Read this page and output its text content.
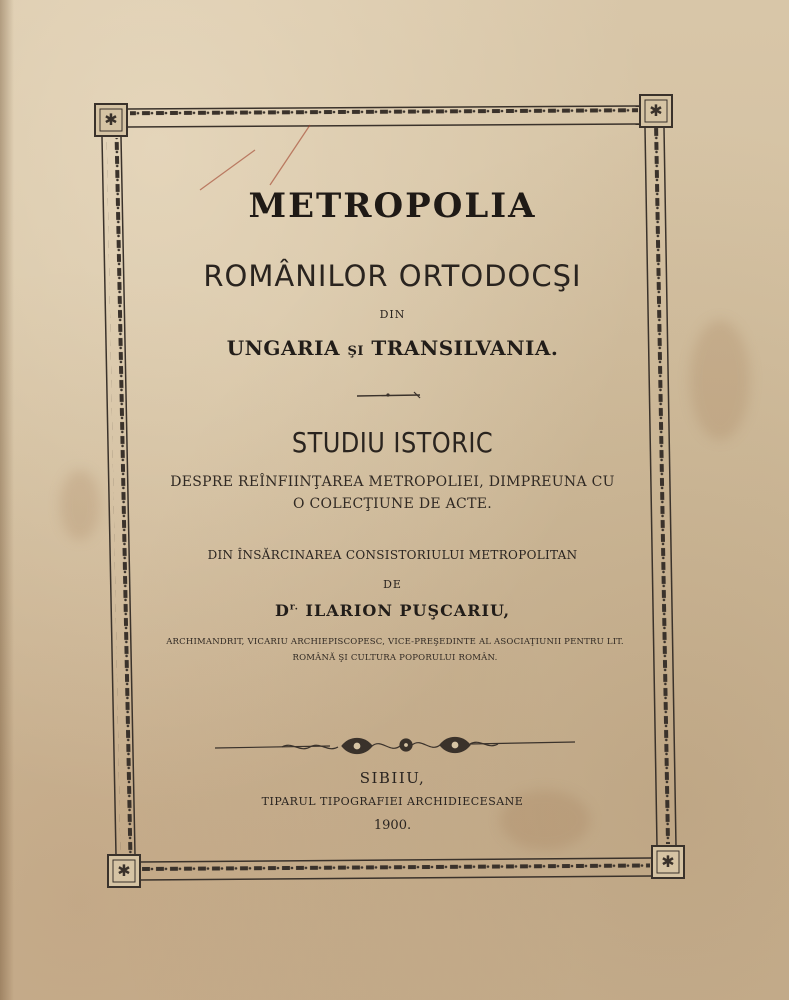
✱	✱
✱	✱
METROPOLIA
ROMÂNILOR ORTODOCŞI
DIN
UNGARIA ŞI TRANSILVANIA.
STUDIU ISTORIC
DESPRE REÎNFIINŢAREA METROPOLIEI, DIMPREUNA CU
O COLECŢIUNE DE ACTE.
DIN ÎNSĂRCINAREA CONSISTORIULUI METROPOLITAN
DE
$D^{r.}$ ILARION PUŞCARIU,
ARCHIMANDRIT, VICARIU ARCHIEPISCOPESC, VICE-PREŞEDINTE AL ASOCIAŢIUNII PENTRU LIT.
ROMÂNĂ ŞI CULTURA POPORULUI ROMÂN.
SIBIIU,
TIPARUL TIPOGRAFIEI ARCHIDIECESANE
1900.
